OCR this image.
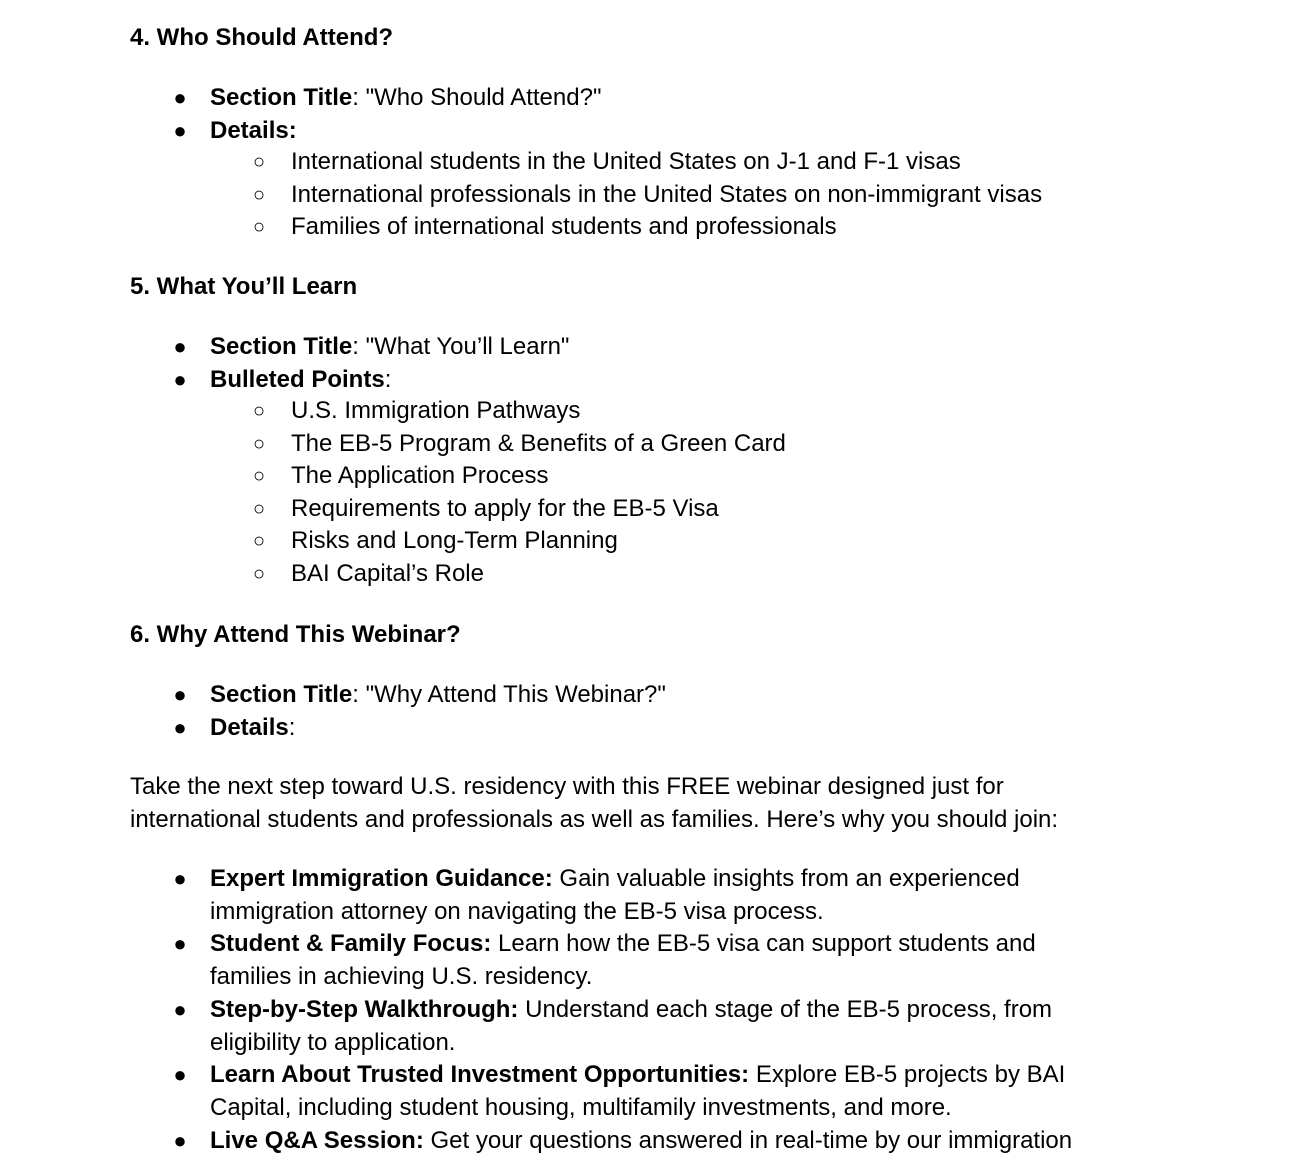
4. Who Should Attend?
● Section Title: "Who Should Attend?"
● Details:
○ International students in the United States on J-1 and F-1 visas
○ International professionals in the United States on non-immigrant visas
○ Families of international students and professionals
5. What You’ll Learn
● Section Title: "What You’ll Learn"
● Bulleted Points:
○ U.S. Immigration Pathways
○ The EB-5 Program & Benefits of a Green Card
○ The Application Process
○ Requirements to apply for the EB-5 Visa
○ Risks and Long-Term Planning
○ BAI Capital’s Role
6. Why Attend This Webinar?
● Section Title: "Why Attend This Webinar?"
● Details:

Take the next step toward U.S. residency with this FREE webinar designed just for international students and professionals as well as families. Here’s why you should join:

● Expert Immigration Guidance: Gain valuable insights from an experienced immigration attorney on navigating the EB-5 visa process.
● Student & Family Focus: Learn how the EB-5 visa can support students and families in achieving U.S. residency.
● Step-by-Step Walkthrough: Understand each stage of the EB-5 process, from eligibility to application.
● Learn About Trusted Investment Opportunities: Explore EB-5 projects by BAI Capital, including student housing, multifamily investments, and more.
● Live Q&A Session: Get your questions answered in real-time by our immigration
